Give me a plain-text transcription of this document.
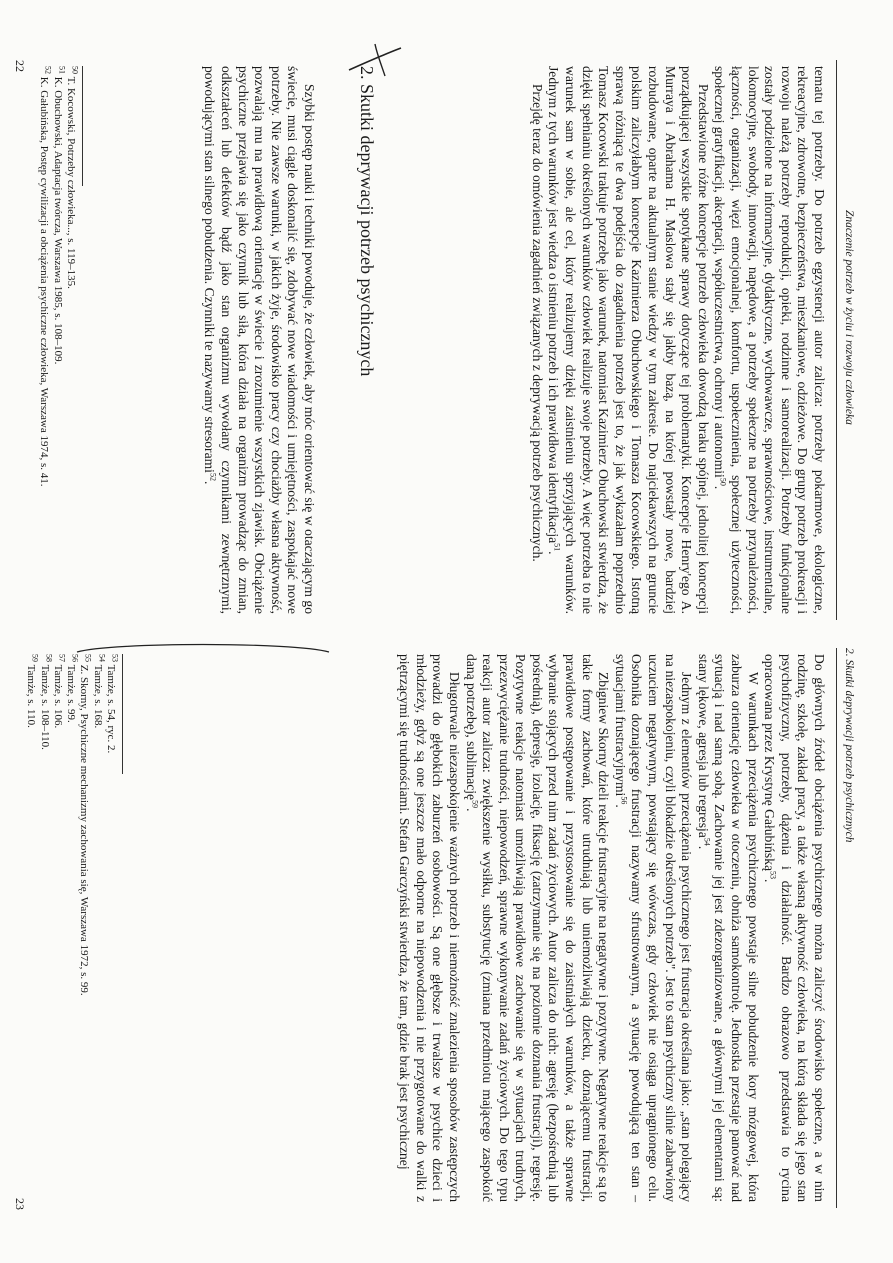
Znaczenie potrzeb w życiu i rozwoju człowieka

tematu tej potrzeby. Do potrzeb egzystencji autor zalicza: potrzeby pokarmowe, ekologiczne, rekreacyjne, zdrowotne, bezpieczeństwa, mieszkaniowe, odzieżowe. Do grupy potrzeb prokreacji i rozwoju należą potrzeby reprodukcji, opieki, rodzinne i samorealizacji. Potrzeby funkcjonalne zostały podzielone na informacyjne, dydaktyczne, wychowawcze, sprawnościowe, instrumentalne, lokomocyjne, swobody, innowacji, napędowe, a potrzeby społeczne na potrzeby przynależności, łączności, organizacji, więzi emocjonalnej, komfortu, uspołecznienia, społecznej użyteczności, społecznej gratyfikacji, akceptacji, współuczestnictwa, ochrony i autonomii$^{50}$.

Przedstawione różne koncepcje potrzeb człowieka dowodzą braku spójnej, jednolitej koncepcji porządkującej wszystkie spotykane sprawy dotyczące tej problematyki. Koncepcje Henry'ego A. Murraya i Abrahama H. Maslowa stały się jakby bazą, na której powstały nowe, bardziej rozbudowane, oparte na aktualnym stanie wiedzy w tym zakresie. Do najciekawszych na gruncie polskim zaliczyłabym koncepcje Kazimierza Obuchowskiego i Tomasza Kocowskiego. Istotną sprawą różniącą te dwa podejścia do zagadnienia potrzeb jest to, że jak wykazałam poprzednio Tomasz Kocowski traktuje potrzebę jako warunek, natomiast Kazimierz Obuchowski stwierdza, że dzięki spełnianiu określonych warunków człowiek realizuje swoje potrzeby. A więc potrzeba to nie warunek sam w sobie, ale cel, który realizujemy dzięki zaistnieniu sprzyjających warunków. Jednym z tych warunków jest wiedza o istnieniu potrzeb i ich prawidłowa identyfikacja$^{51}$.

Przejdę teraz do omówienia zagadnień związanych z deprywacją potrzeb psychicznych.

2. Skutki deprywacji potrzeb psychicznych

Szybki postęp nauki i techniki powoduje, że człowiek, aby móc orientować się w otaczającym go świecie, musi ciągle doskonalić się, zdobywać nowe wiadomości i umiejętności, zaspokajać nowe potrzeby. Nie zawsze warunki, w jakich żyje, środowisko pracy czy chociażby własna aktywność, pozwalają mu na prawidłową orientację w świecie i zrozumienie wszystkich zjawisk. Obciążenie psychiczne przejawia się jako czynnik lub siła, która działa na organizm prowadząc do zmian, odkształceń lub defektów bądź jako stan organizmu wywołany czynnikami zewnętrznymi, powodującymi stan silnego pobudzenia. Czynniki te nazywamy stresorami$^{52}$.

$^{50}$ T. Kocowski, Potrzeby człowieka..., s. 119–135.
$^{51}$ K. Obuchowski, Adaptacja twórcza, Warszawa 1985, s. 108–109.
$^{52}$ K. Gałubińska, Postęp cywilizacji a obciążenia psychiczne człowieka, Warszawa 1974, s. 41.
22
2. Skutki deprywacji potrzeb psychicznych

Do głównych źródeł obciążenia psychicznego można zaliczyć środowisko społeczne, a w nim rodzinę, szkołę, zakład pracy, a także własną aktywność człowieka, na którą składa się jego stan psychofizyczny, potrzeby, dążenia i działalność. Bardzo obrazowo przedstawia to rycina opracowana przez Krystynę Gałubińską$^{53}$.

W warunkach przeciążenia psychicznego powstaje silne pobudzenie kory mózgowej, która zaburza orientację człowieka w otoczeniu, obniża samokontrolę. Jednostka przestaje panować nad sytuacją i nad samą sobą. Zachowanie jej jest zdezorganizowane, a głównymi jej elementami są: stany lękowe, agresja lub regresja$^{54}$.

Jednym z elementów przeciążenia psychicznego jest frustracja określana jako: „stan polegający na niezaspokojeniu, czyli blokadzie określonych potrzeb". Jest to stan psychiczny silnie zabarwiony uczuciem negatywnym, powstający się wówczas, gdy człowiek nie osiąga upragnionego celu. Osobnika doznającego frustracji nazywamy sfrustrowanym, a sytuację powodującą ten stan – sytuacjami frustracyjnymi$^{56}$.

Zbigniew Skorny dzieli reakcje frustracyjne na negatywne i pozytywne. Negatywne reakcje są to takie formy zachowań, które utrudniają lub uniemożliwiają dziecku, doznającemu frustracji, prawidłowe postępowanie i przystosowanie się do zaistniałych warunków, a także sprawne wybranie stojących przed nim zadań życiowych. Autor zalicza do nich: agresję (bezpośrednią lub pośrednią), depresję, izolację, fiksację (zatrzymanie się na poziomie doznania frustracji), regresję. Pozytywne reakcje natomiast umożliwiają prawidłowe zachowanie się w sytuacjach trudnych, przezwyciężanie trudności, niepowodzeń, sprawne wykonywanie zadań życiowych. Do tego typu reakcji autor zalicza: zwiększenie wysiłku, substytucję (zmiana przedmiotu mającego zaspokoić daną potrzebę), sublimację$^{59}$.

Długotrwale niezaspokojenie ważnych potrzeb i niemożność znalezienia sposobów zastępczych prowadzi do głębokich zaburzeń osobowości. Są one głębsze i trwalsze w psychice dzieci i młodzieży, gdyż są one jeszcze mało odporne na niepowodzenia i nie przygotowane do walki z piętrzącymi się trudnościami. Stefan Garczyński stwierdza, że tam, gdzie brak jest psychicznej

$^{53}$ Tamże, s. 54, ryc. 2.
$^{54}$ Tamże, s. 168.
$^{55}$ Z. Skorny, Psychiczne mechanizmy zachowania się, Warszawa 1972, s. 99.
$^{56}$ Tamże, s. 99.
$^{57}$ Tamże, s. 106.
$^{58}$ Tamże, s. 108–110.
$^{59}$ Tamże, s. 110.
23
